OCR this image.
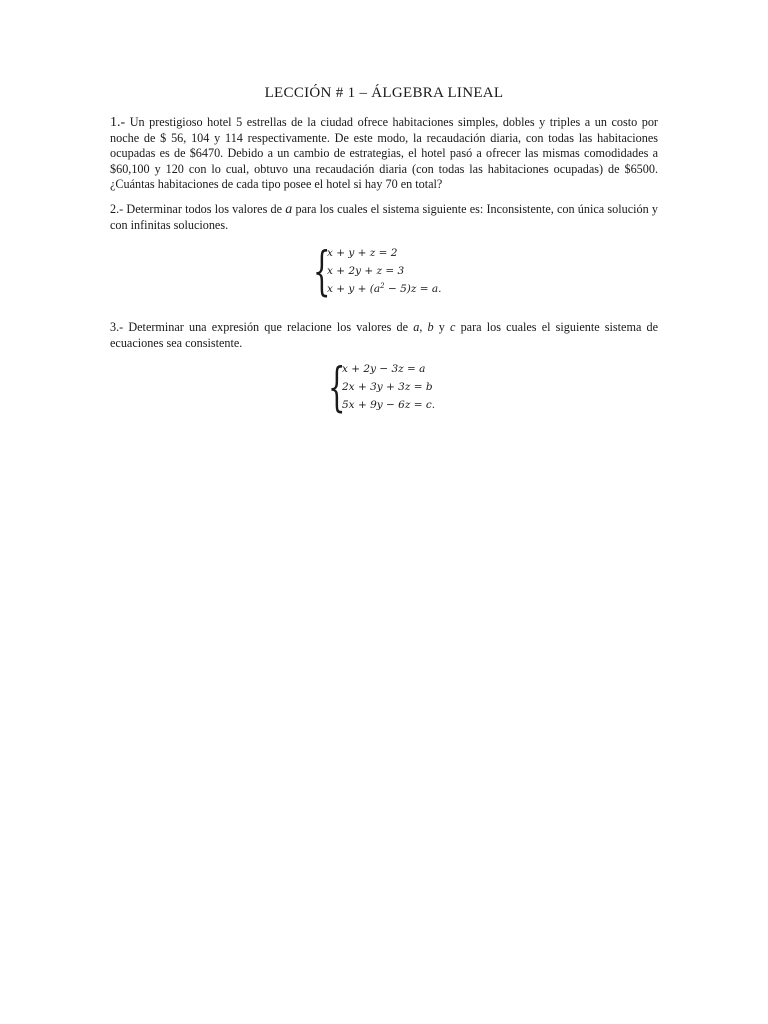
LECCIÓN # 1 – ÁLGEBRA LINEAL
1.- Un prestigioso hotel 5 estrellas de la ciudad ofrece habitaciones simples, dobles y triples a un costo por noche de $ 56, 104 y 114 respectivamente. De este modo, la recaudación diaria, con todas las habitaciones ocupadas es de $6470. Debido a un cambio de estrategias, el hotel pasó a ofrecer las mismas comodidades a $60,100 y 120 con lo cual, obtuvo una recaudación diaria (con todas las habitaciones ocupadas) de $6500. ¿Cuántas habitaciones de cada tipo posee el hotel si hay 70 en total?
2.- Determinar todos los valores de a para los cuales el sistema siguiente es: Inconsistente, con única solución y con infinitas soluciones.
{
x + y + z = 2
x + 2y + z = 3
$x + y + (a^2 - 5)z = a$.
3.- Determinar una expresión que relacione los valores de a, b y c para los cuales el siguiente sistema de ecuaciones sea consistente.
{
x + 2y − 3z = a
2x + 3y + 3z = b
5x + 9y − 6z = c.
